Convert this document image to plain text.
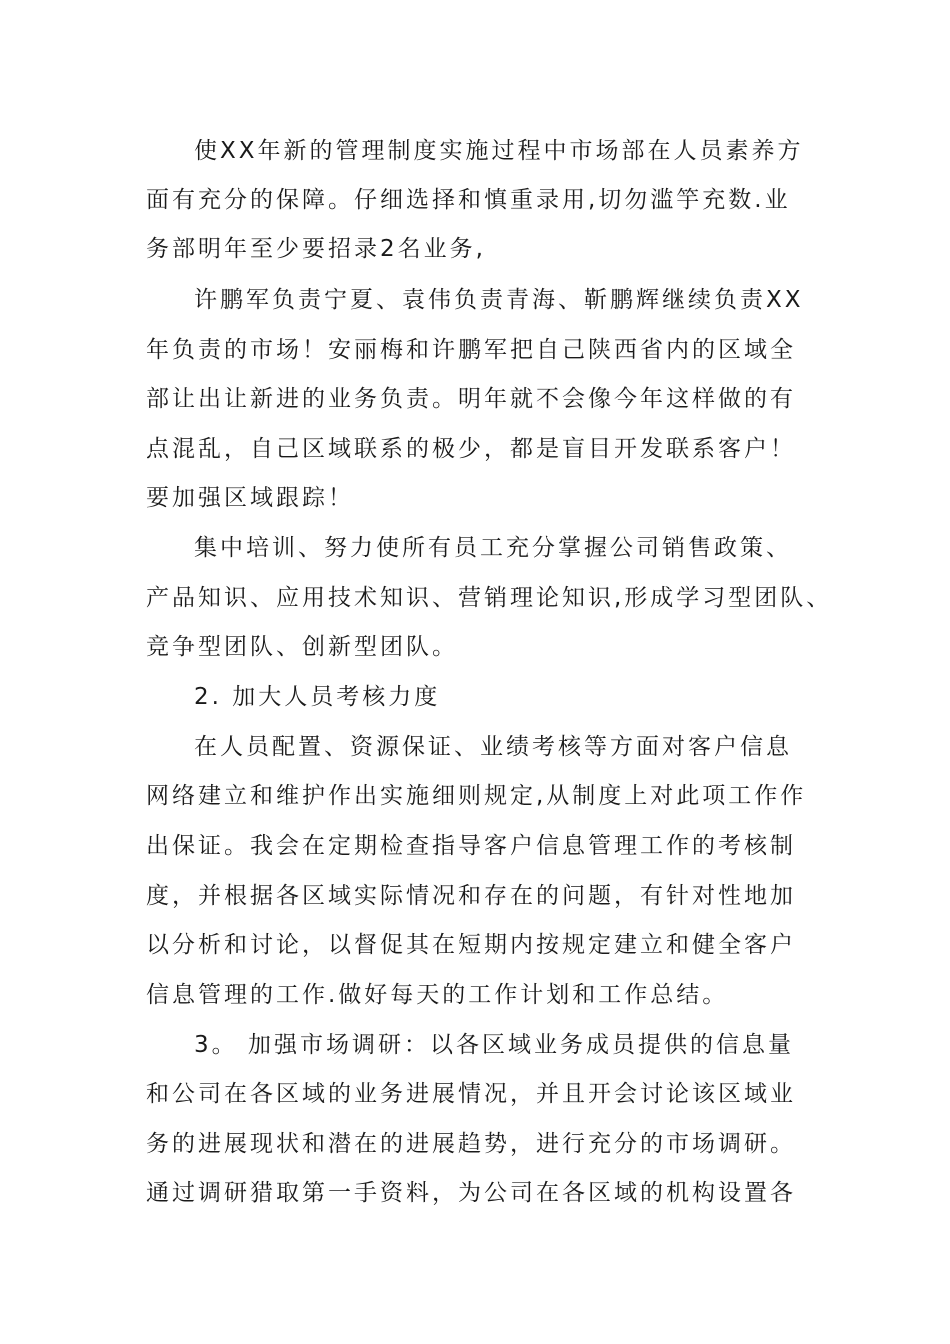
使XX年新的管理制度实施过程中市场部在人员素养方
面有充分的保障。仔细选择和慎重录用,切勿滥竽充数.业
务部明年至少要招录2名业务,
许鹏军负责宁夏、袁伟负责青海、靳鹏辉继续负责XX
年负责的市场！安丽梅和许鹏军把自己陕西省内的区域全
部让出让新进的业务负责。明年就不会像今年这样做的有
点混乱，自己区域联系的极少，都是盲目开发联系客户！
要加强区域跟踪！
集中培训、努力使所有员工充分掌握公司销售政策、
产品知识、应用技术知识、营销理论知识,形成学习型团队、
竞争型团队、创新型团队。
2. 加大人员考核力度
在人员配置、资源保证、业绩考核等方面对客户信息
网络建立和维护作出实施细则规定,从制度上对此项工作作
出保证。我会在定期检查指导客户信息管理工作的考核制
度，并根据各区域实际情况和存在的问题，有针对性地加
以分析和讨论，以督促其在短期内按规定建立和健全客户
信息管理的工作.做好每天的工作计划和工作总结。
3。 加强市场调研：以各区域业务成员提供的信息量
和公司在各区域的业务进展情况，并且开会讨论该区域业
务的进展现状和潜在的进展趋势，进行充分的市场调研。
通过调研猎取第一手资料，为公司在各区域的机构设置各
